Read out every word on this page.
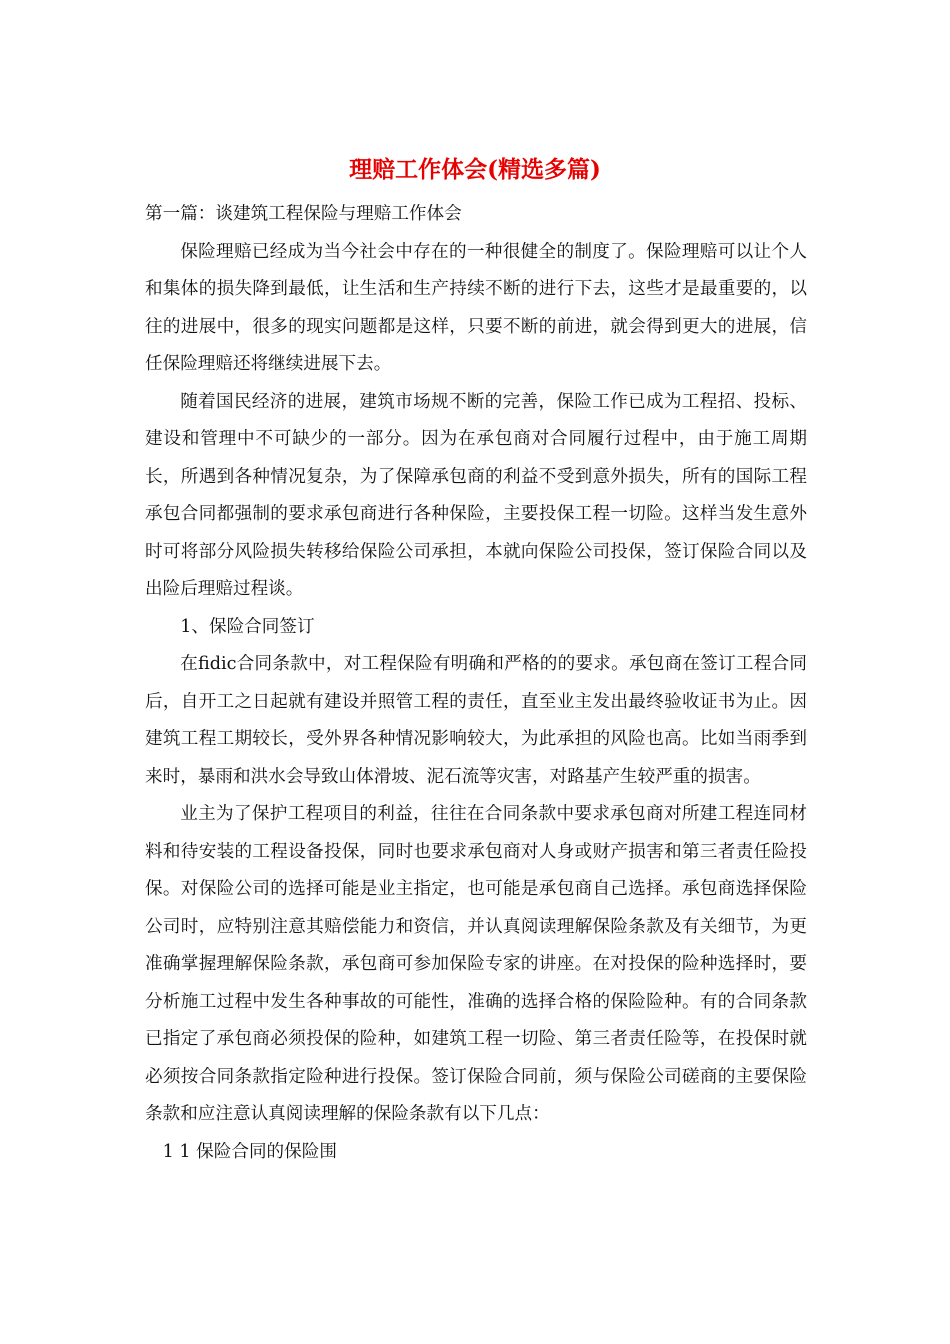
理赔工作体会(精选多篇)

第一篇：谈建筑工程保险与理赔工作体会

保险理赔已经成为当今社会中存在的一种很健全的制度了。保险理赔可以让个人和集体的损失降到最低，让生活和生产持续不断的进行下去，这些才是最重要的，以往的进展中，很多的现实问题都是这样，只要不断的前进，就会得到更大的进展，信任保险理赔还将继续进展下去。

随着国民经济的进展，建筑市场规不断的完善，保险工作已成为工程招、投标、建设和管理中不可缺少的一部分。因为在承包商对合同履行过程中，由于施工周期长，所遇到各种情况复杂，为了保障承包商的利益不受到意外损失，所有的国际工程承包合同都强制的要求承包商进行各种保险，主要投保工程一切险。这样当发生意外时可将部分风险损失转移给保险公司承担，本就向保险公司投保，签订保险合同以及出险后理赔过程谈。

1、保险合同签订

在fidic合同条款中，对工程保险有明确和严格的的要求。承包商在签订工程合同后，自开工之日起就有建设并照管工程的责任，直至业主发出最终验收证书为止。因建筑工程工期较长，受外界各种情况影响较大，为此承担的风险也高。比如当雨季到来时，暴雨和洪水会导致山体滑坡、泥石流等灾害，对路基产生较严重的损害。

业主为了保护工程项目的利益，往往在合同条款中要求承包商对所建工程连同材料和待安装的工程设备投保，同时也要求承包商对人身或财产损害和第三者责任险投保。对保险公司的选择可能是业主指定，也可能是承包商自己选择。承包商选择保险公司时，应特别注意其赔偿能力和资信，并认真阅读理解保险条款及有关细节，为更准确掌握理解保险条款，承包商可参加保险专家的讲座。在对投保的险种选择时，要分析施工过程中发生各种事故的可能性，准确的选择合格的保险险种。有的合同条款已指定了承包商必须投保的险种，如建筑工程一切险、第三者责任险等，在投保时就必须按合同条款指定险种进行投保。签订保险合同前，须与保险公司磋商的主要保险条款和应注意认真阅读理解的保险条款有以下几点：

1 1 保险合同的保险围
